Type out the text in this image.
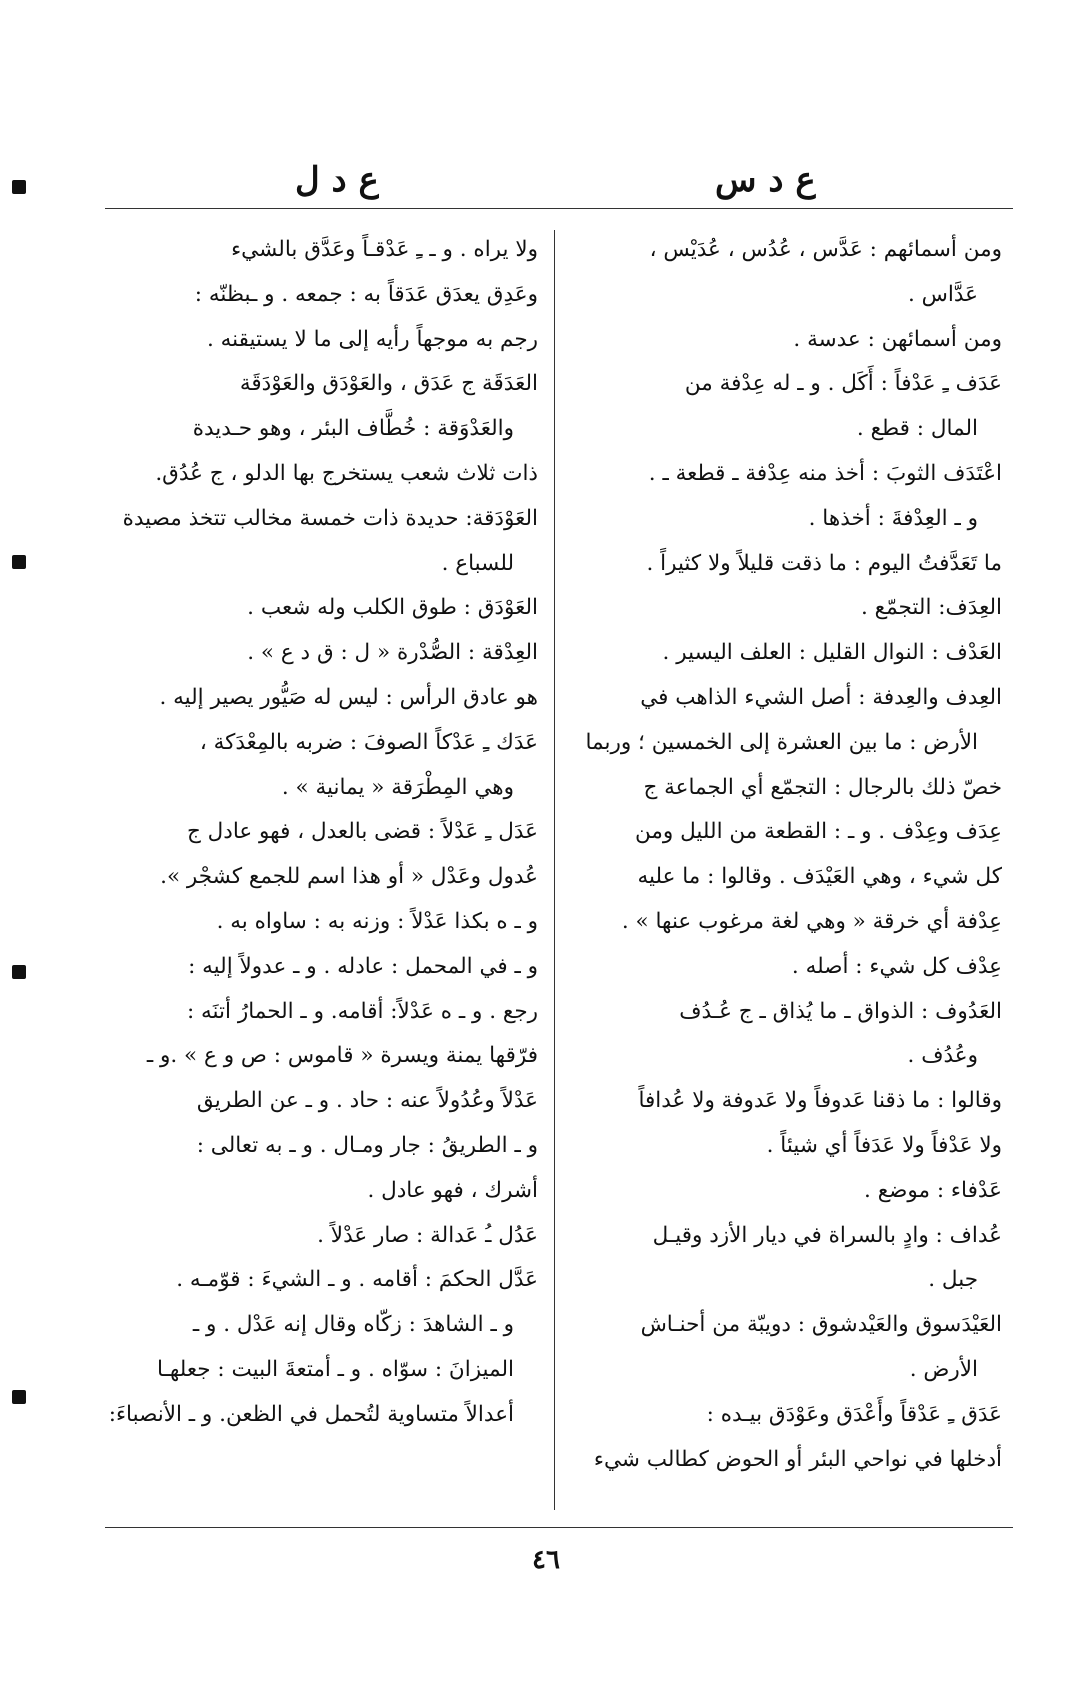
ع د ل	ع د س

ومن أسمائهم : عَدَّس ، عُدُس ، عُدَيْس ،

عَدَّاس .

ومن أسمائهن : عدسة .

عَدَف ـِ عَدْفاً : أَكَل . و ـ له عِدْفة من

المال : قطع .

اعْتَدَف الثوبَ : أخذ منه عِدْفة ـ قطعة ـ .

و ـ العِدْفةَ : أخذها .

ما تَعَدَّفتُ اليوم : ما ذقت قليلاً ولا كثيراً .

العِدَف: التجمّع .

العَدْف : النوال القليل : العلف اليسير .

العِدف والعِدفة : أصل الشيء الذاهب في

الأرض : ما بين العشرة إلى الخمسين ؛ وربما

خصّ ذلك بالرجال : التجمّع أي الجماعة ج

عِدَف وعِدْف . و ـ : القطعة من الليل ومن

كل شيء ، وهي العَيْدَف . وقالوا : ما عليه

عِدْفة أي خرقة « وهي لغة مرغوب عنها » .

عِدْف كل شيء : أصله .

العَدُوف : الذواق ـ ما يُذاق ـ ج عُـدُف

وعُدُف .

وقالوا : ما ذقنا عَدوفاً ولا عَدوفة ولا عُدافاً

ولا عَدْفاً ولا عَدَفاً أي شيئاً .

عَدْفاء : موضع .

عُداف : وادٍ بالسراة في ديار الأزد وقيـل

جبل .

العَيْدَسوق والعَيْدشوق : دويبّة من أحنـاش

الأرض .

عَدَق ـِ عَدْقاً وأَعْدَق وعَوْدَق بيـده :

أدخلها في نواحي البئر أو الحوض كطالب شيء

ولا يراه . و ـ ـِ عَدْقـاً وعَدَّق بالشيء

وعَدِق يعدَق عَدَقاً به : جمعه . و ـبظنّه :

رجم به موجهاً رأيه إلى ما لا يستيقنه .

العَدَقَة ج عَدَق ، والعَوْدَق والعَوْدَقَة

والعَدْوَقة : خُطَّاف البئر ، وهو حـديدة

ذات ثلاث شعب يستخرج بها الدلو ، ج عُدُق.

العَوْدَقة: حديدة ذات خمسة مخالب تتخذ مصيدة

للسباع .

العَوْدَق : طوق الكلب وله شعب .

العِدْقة : الصُّدْرة « ل : ق د ع » .

هو عادق الرأس : ليس له صَيُّور يصير إليه .

عَدَك ـِ عَدْكاً الصوفَ : ضربه بالمِعْدَكة ،

وهي المِطْرَقة « يمانية » .

عَدَل ـِ عَدْلاً : قضى بالعدل ، فهو عادل ج

عُدول وعَدْل « أو هذا اسم للجمع كشجْر ».

و ـ ه بكذا عَدْلاً : وزنه به : ساواه به .

و ـ في المحمل : عادله . و ـ عدولاً إليه :

رجع . و ـ ه عَدْلاً: أقامه. و ـ الحمارُ أتنَه :

فرّقها يمنة ويسرة « قاموس : ص و ع » .و ـ

عَدْلاً وعُدُولاً عنه : حاد . و ـ عن الطريق

و ـ الطريقُ : جار ومـال . و ـ به تعالى :

أشرك ، فهو عادل .

عَدُل ـُ عَدالة : صار عَدْلاً .

عَدَّل الحكمَ : أقامه . و ـ الشيءَ : قوّمـه .

و ـ الشاهدَ : زكّاه وقال إنه عَدْل . و ـ

الميزانَ : سوّاه . و ـ أمتعةَ البيت : جعلهـا

أعدالاً متساوية لتُحمل في الظعن. و ـ الأنصباءَ:

٤٦
